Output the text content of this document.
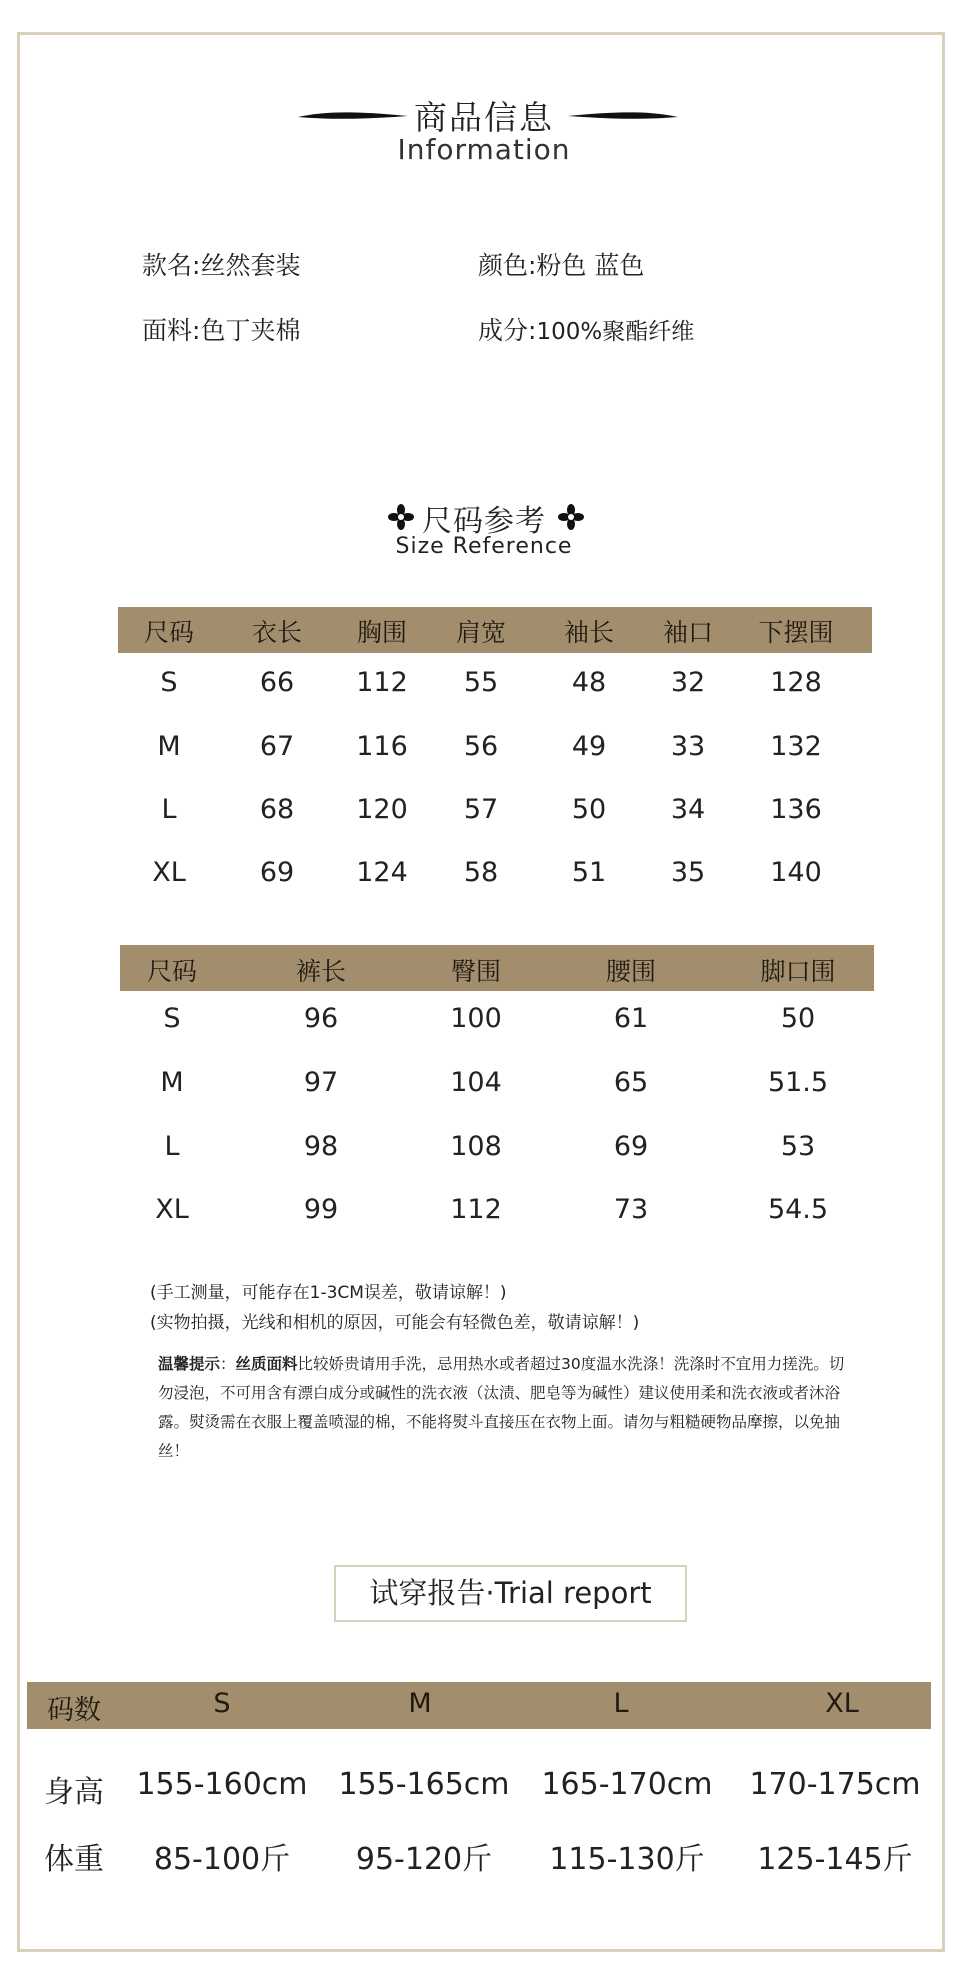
商品信息
Information
款名:丝然套装	颜色:粉色 蓝色
面料:色丁夹棉	成分:100%聚酯纤维
尺码参考
Size Reference
尺码 衣长 胸围 肩宽 袖长 袖口 下摆围
S	66 112 55	48 32 128
M	67 116 56	49 33 132
L	68 120 57	50 34 136
XL	69 124 58	51 35 140
尺码	裤长	臀围	腰围	脚口围
S	96	100	61	50
M	97	104	65	51.5
L	98	108	69	53
XL	99	112	73	54.5
(手工测量，可能存在1-3CM误差，敬请谅解！)
(实物拍摄，光线和相机的原因，可能会有轻微色差，敬请谅解！)
温馨提示：丝质面料比较娇贵请用手洗，忌用热水或者超过30度温水洗涤！洗涤时不宜用力搓洗。切勿浸泡，不可用含有漂白成分或碱性的洗衣液（汰渍、肥皂等为碱性）建议使用柔和洗衣液或者沐浴露。熨烫需在衣服上覆盖喷湿的棉，不能将熨斗直接压在衣物上面。请勿与粗糙硬物品摩擦，以免抽丝！
试穿报告·Trial report
码数	S	M	L	XL
身高 155-160cm 155-165cm 165-170cm 170-175cm
体重 85-100斤 95-120斤 115-130斤 125-145斤
